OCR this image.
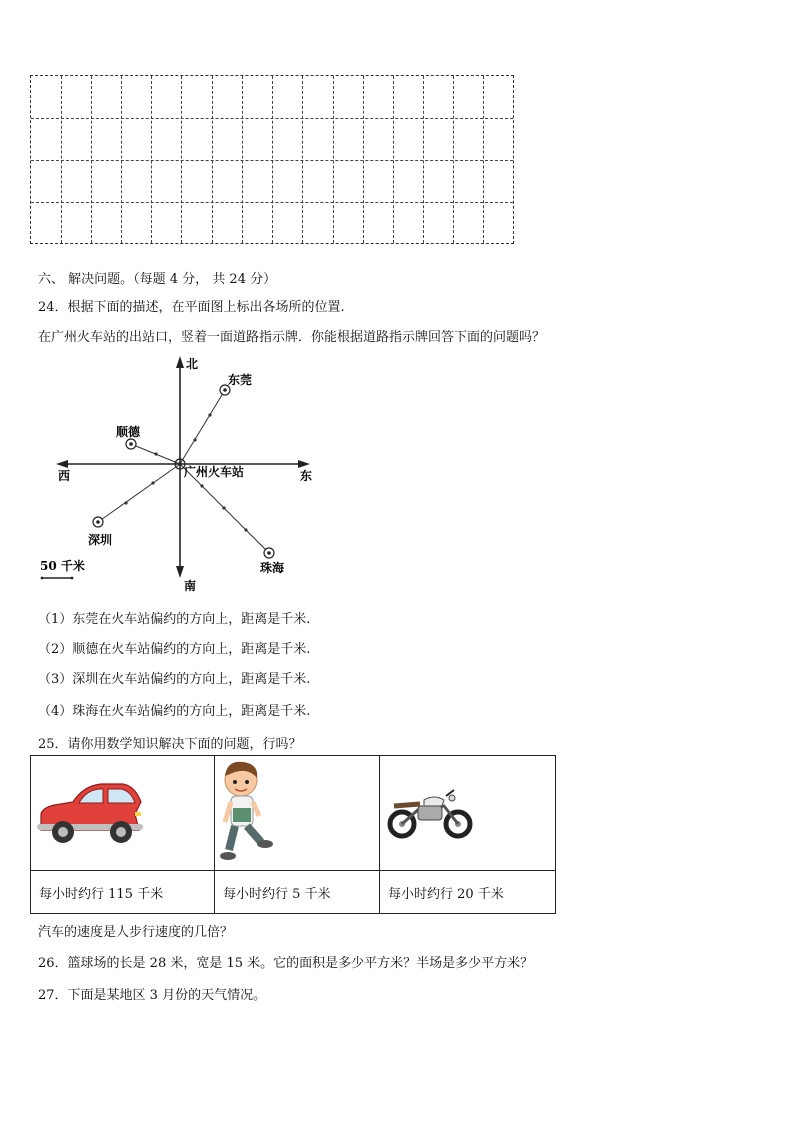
六、 解决问题。（每题 4 分， 共 24 分）
24．根据下面的描述，在平面图上标出各场所的位置.
在广州火车站的出站口，竖着一面道路指示牌．你能根据道路指示牌回答下面的问题吗？
北
南
东
西	广州火车站
东莞
顺德
深圳
珠海
50 千米
（1）东莞在火车站偏约的方向上，距离是千米.
（2）顺德在火车站偏约的方向上，距离是千米.
（3）深圳在火车站偏约的方向上，距离是千米.
（4）珠海在火车站偏约的方向上，距离是千米.
25．请你用数学知识解决下面的问题，行吗？

每小时约行 115 千米	每小时约行 5 千米	每小时约行 20 千米
汽车的速度是人步行速度的几倍？
26．篮球场的长是 28 米，宽是 15 米。它的面积是多少平方米？半场是多少平方米？
27．下面是某地区 3 月份的天气情况。
